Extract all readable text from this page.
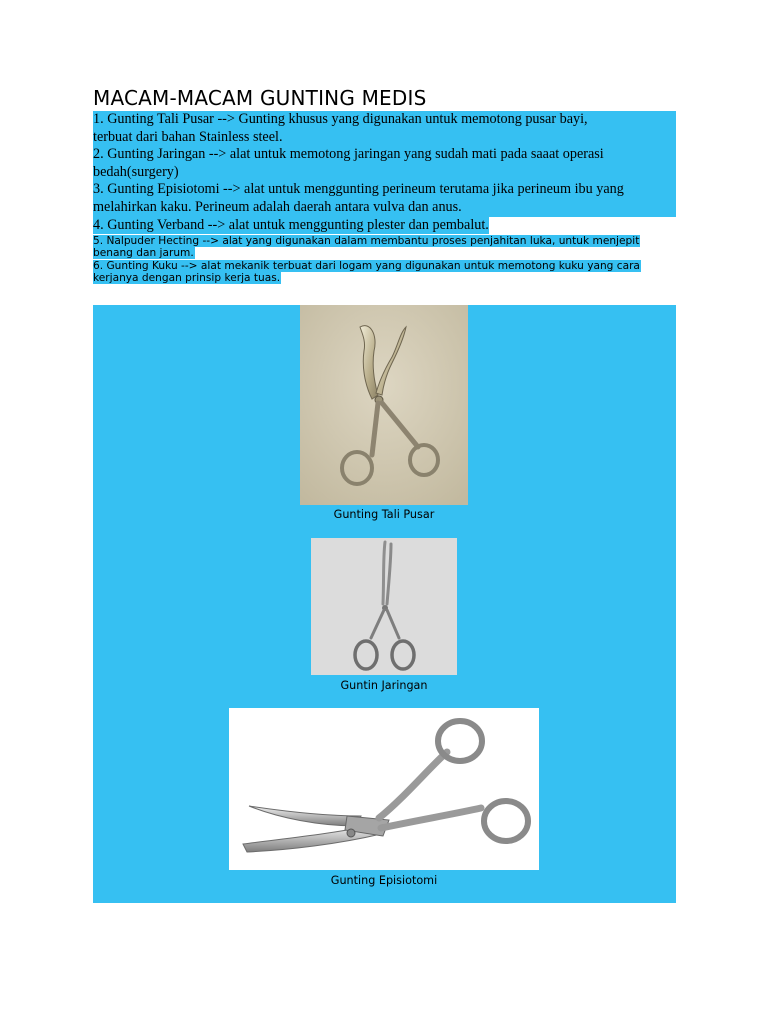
MACAM-MACAM GUNTING MEDIS
1. Gunting Tali Pusar --> Gunting khusus yang digunakan untuk memotong pusar bayi,
terbuat dari bahan Stainless steel.
2. Gunting Jaringan --> alat untuk memotong jaringan yang sudah mati pada saaat operasi
bedah(surgery)
3. Gunting Episiotomi --> alat untuk menggunting perineum terutama jika perineum ibu yang
melahirkan kaku. Perineum adalah daerah antara vulva dan anus.
4. Gunting Verband --> alat untuk menggunting plester dan pembalut.
5. Nalpuder Hecting --> alat yang digunakan dalam membantu proses penjahitan luka, untuk menjepit
benang dan jarum.
6. Gunting Kuku --> alat mekanik terbuat dari logam yang digunakan untuk memotong kuku yang cara
kerjanya dengan prinsip kerja tuas.
Gunting Tali Pusar
Guntin Jaringan
Gunting Episiotomi
